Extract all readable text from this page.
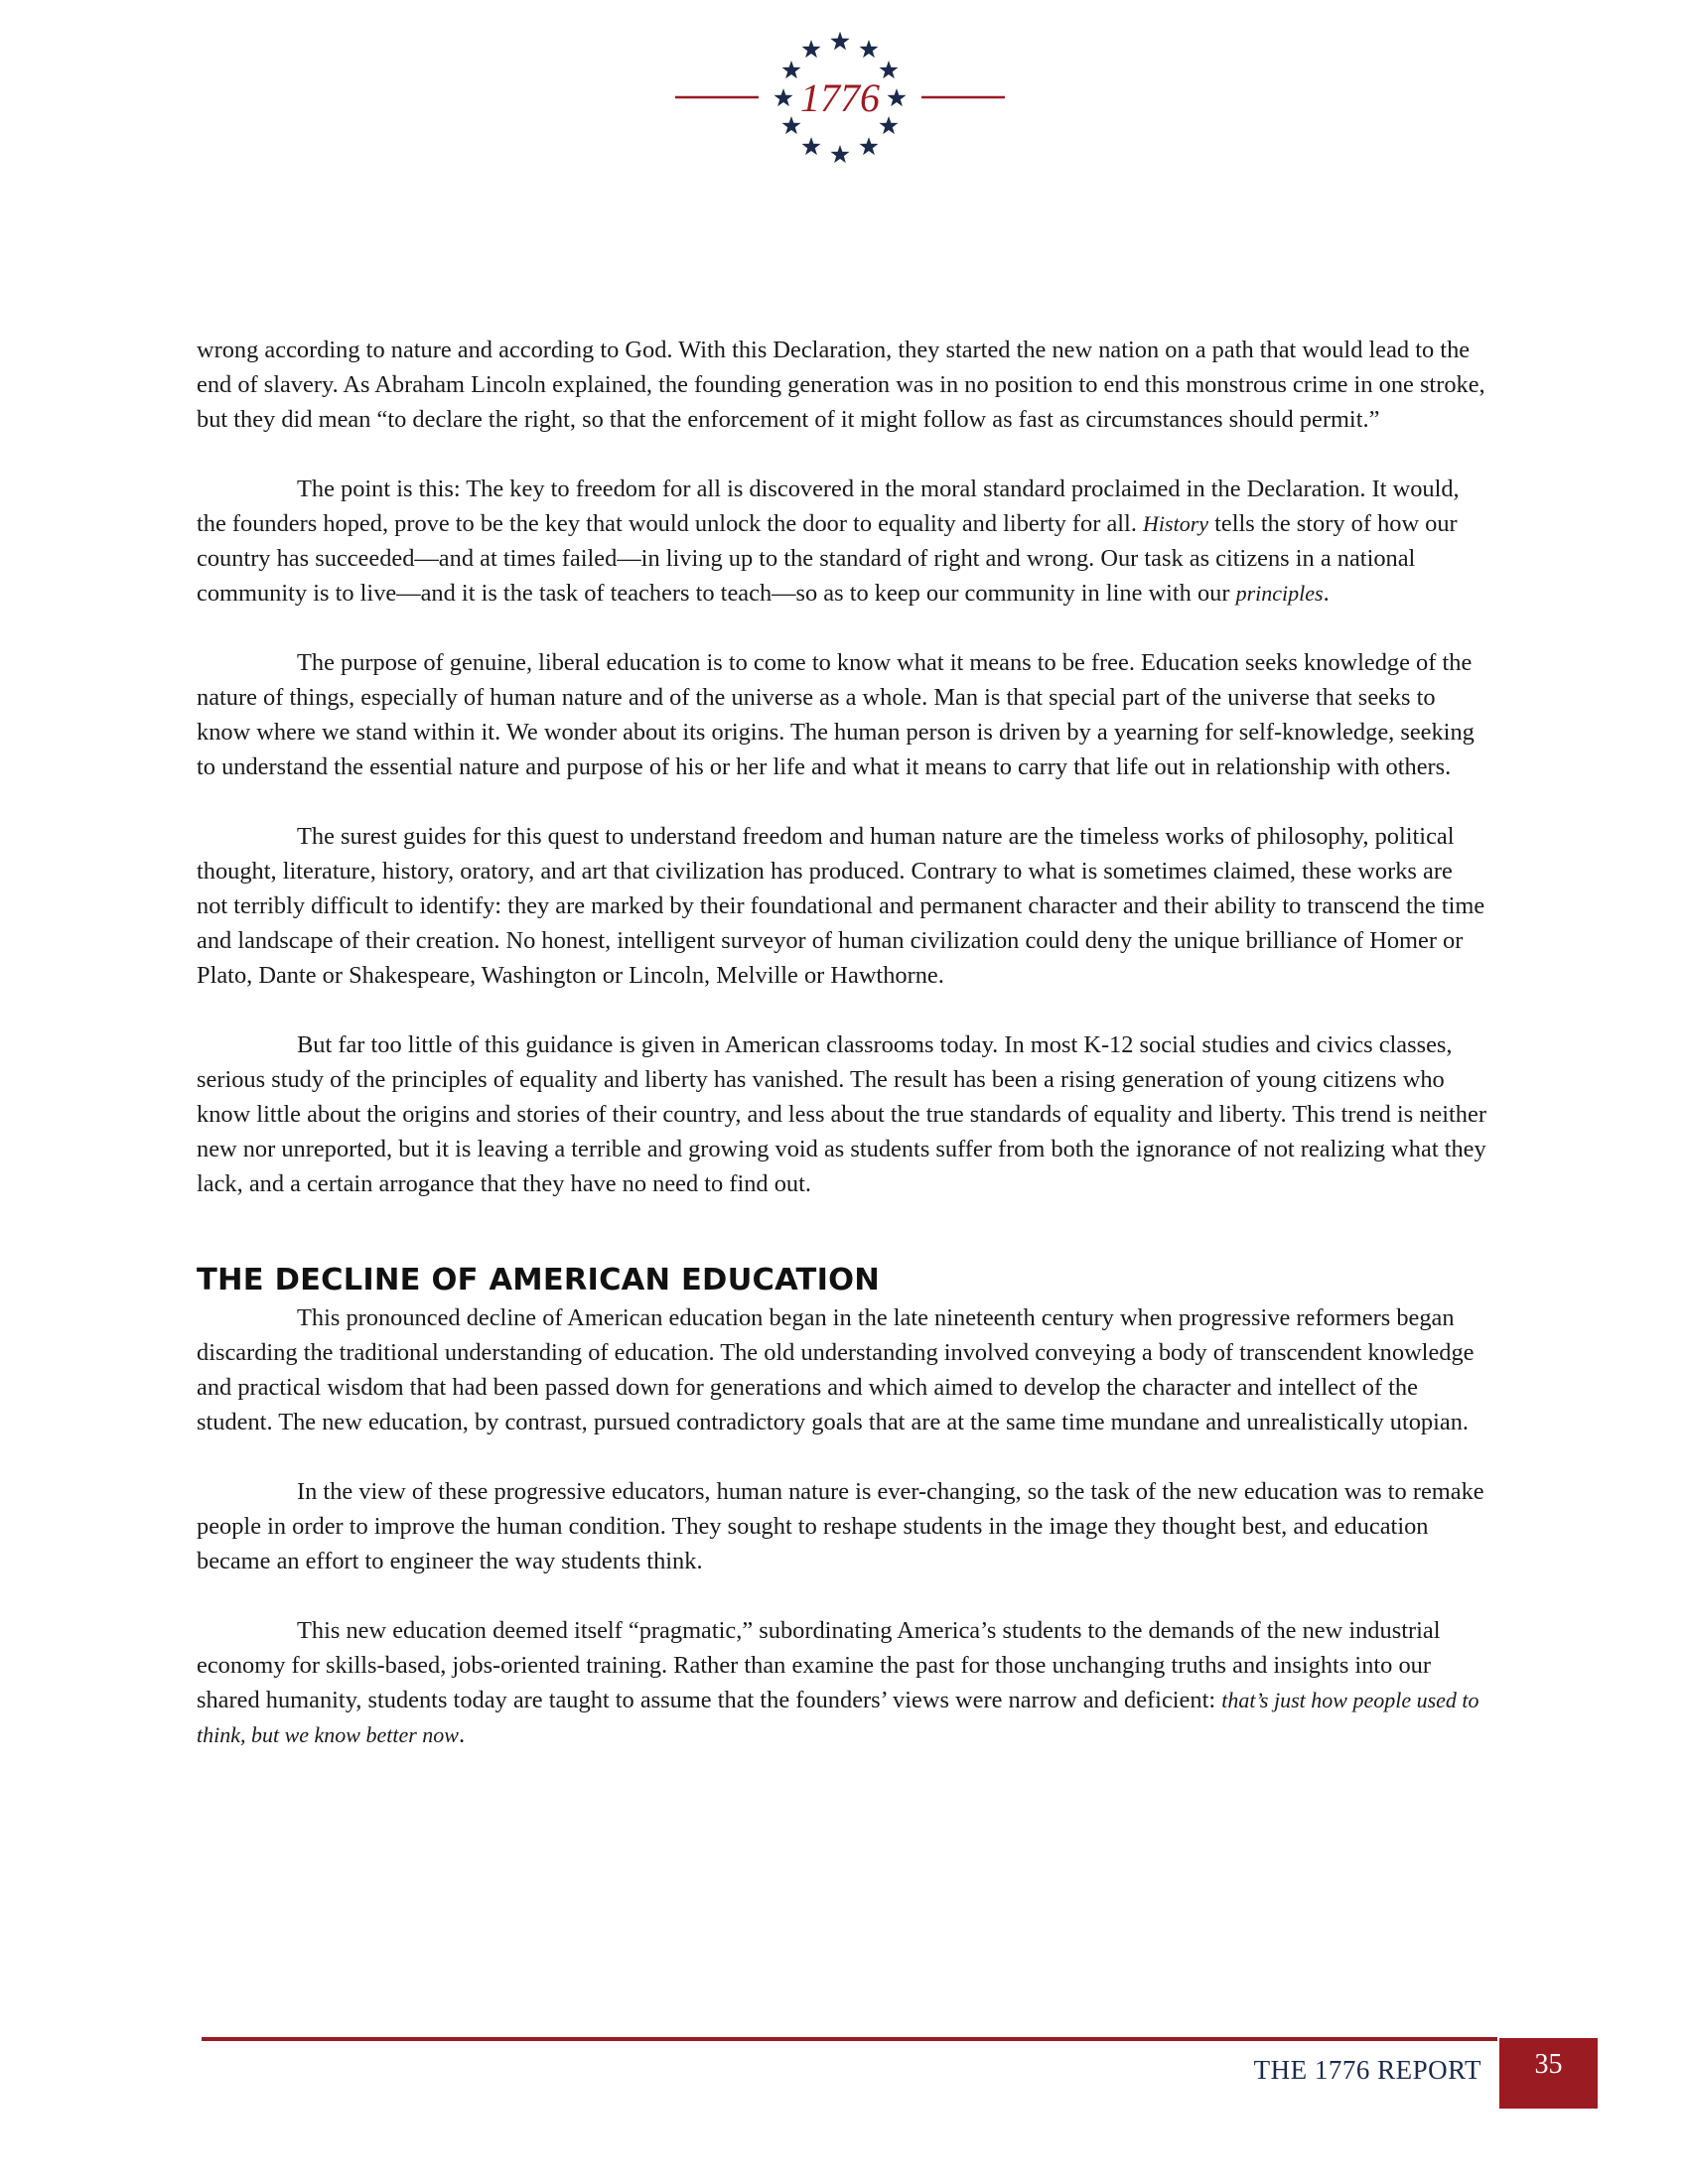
1776

wrong according to nature and according to God. With this Declaration, they started the new nation on a path that would lead to the end of slavery. As Abraham Lincoln explained, the founding generation was in no position to end this monstrous crime in one stroke, but they did mean “to declare the right, so that the enforcement of it might follow as fast as circumstances should permit.”

The point is this: The key to freedom for all is discovered in the moral standard proclaimed in the Declaration. It would, the founders hoped, prove to be the key that would unlock the door to equality and liberty for all. History tells the story of how our country has succeeded—and at times failed—in living up to the standard of right and wrong. Our task as citizens in a national community is to live—and it is the task of teachers to teach—so as to keep our community in line with our principles.

The purpose of genuine, liberal education is to come to know what it means to be free. Education seeks knowledge of the nature of things, especially of human nature and of the universe as a whole. Man is that special part of the universe that seeks to know where we stand within it. We wonder about its origins. The human person is driven by a yearning for self-knowledge, seeking to understand the essential nature and purpose of his or her life and what it means to carry that life out in relationship with others.

The surest guides for this quest to understand freedom and human nature are the timeless works of philosophy, political thought, literature, history, oratory, and art that civilization has produced. Contrary to what is sometimes claimed, these works are not terribly difficult to identify: they are marked by their foundational and permanent character and their ability to transcend the time and landscape of their creation. No honest, intelligent surveyor of human civilization could deny the unique brilliance of Homer or Plato, Dante or Shakespeare, Washington or Lincoln, Melville or Hawthorne.

But far too little of this guidance is given in American classrooms today. In most K-12 social studies and civics classes, serious study of the principles of equality and liberty has vanished. The result has been a rising generation of young citizens who know little about the origins and stories of their country, and less about the true standards of equality and liberty. This trend is neither new nor unreported, but it is leaving a terrible and growing void as students suffer from both the ignorance of not realizing what they lack, and a certain arrogance that they have no need to find out.

THE DECLINE OF AMERICAN EDUCATION

This pronounced decline of American education began in the late nineteenth century when progressive reformers began discarding the traditional understanding of education. The old understanding involved conveying a body of transcendent knowledge and practical wisdom that had been passed down for generations and which aimed to develop the character and intellect of the student. The new education, by contrast, pursued contradictory goals that are at the same time mundane and unrealistically utopian.

In the view of these progressive educators, human nature is ever-changing, so the task of the new education was to remake people in order to improve the human condition. They sought to reshape students in the image they thought best, and education became an effort to engineer the way students think.

This new education deemed itself “pragmatic,” subordinating America’s students to the demands of the new industrial economy for skills-based, jobs-oriented training. Rather than examine the past for those unchanging truths and insights into our shared humanity, students today are taught to assume that the founders’ views were narrow and deficient: that’s just how people used to think, but we know better now.

THE 1776 REPORT	35
